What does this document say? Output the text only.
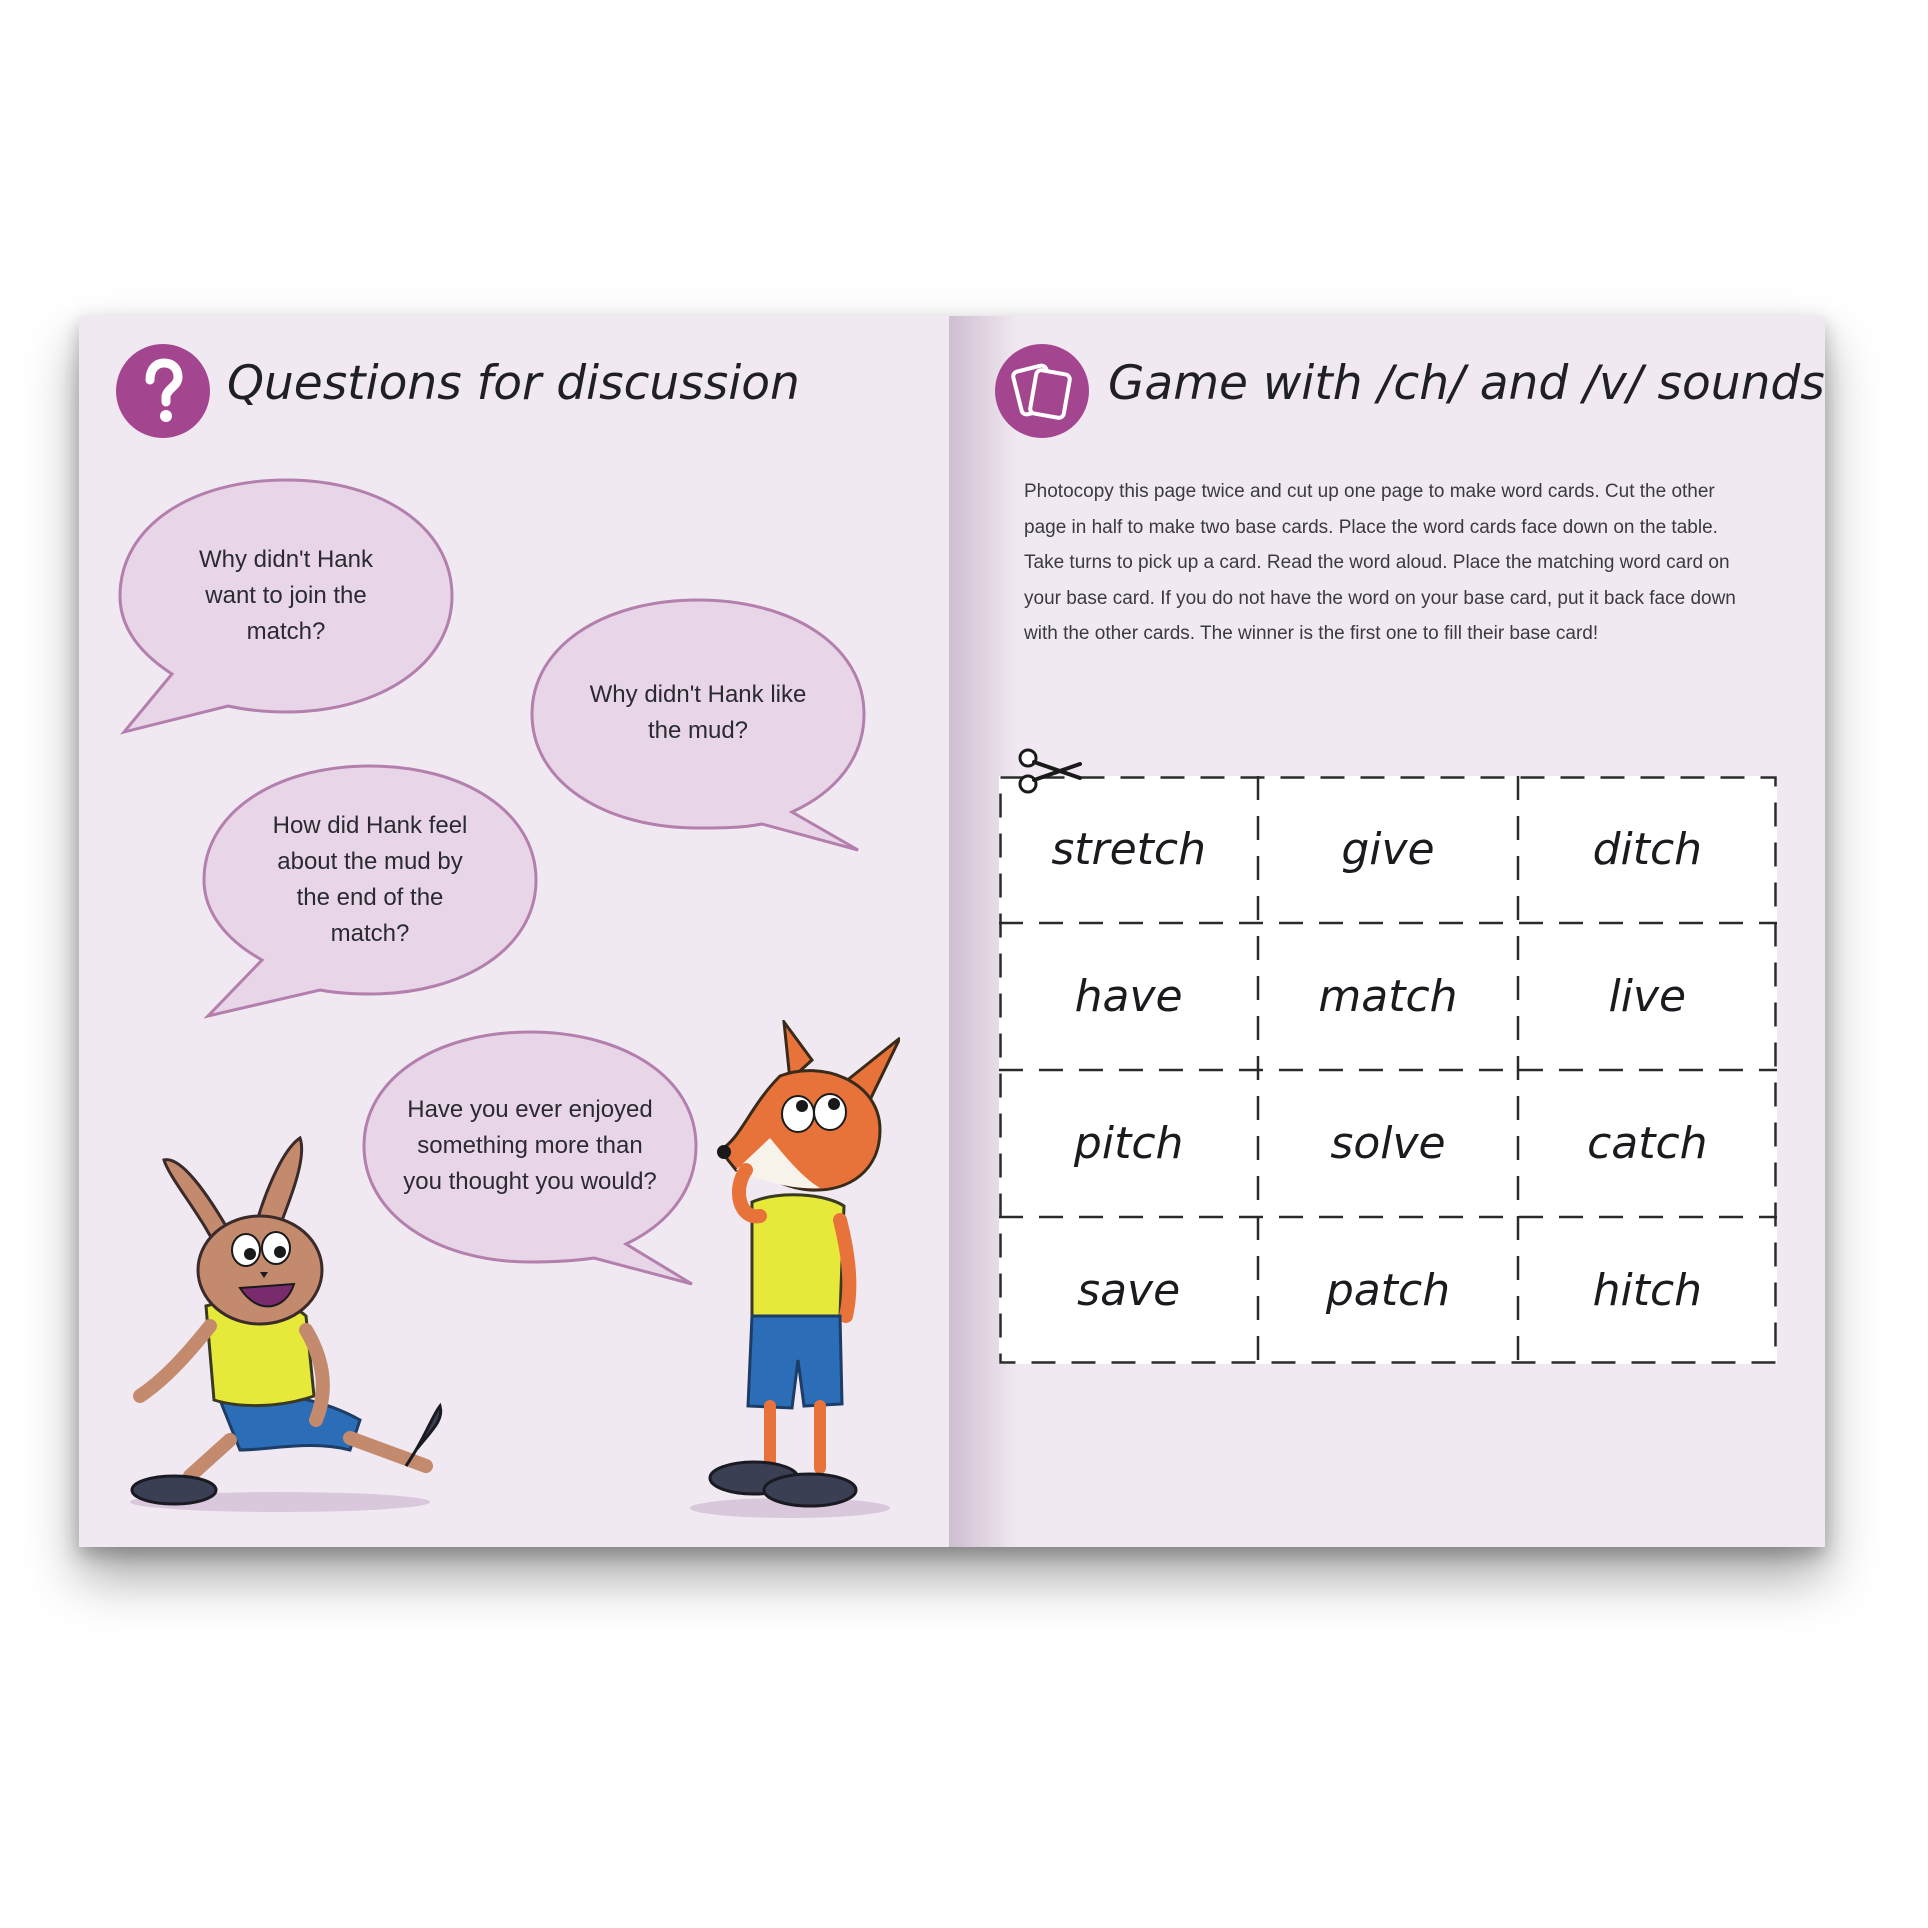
Questions for discussion
Why didn't Hank want to join the match?
Why didn't Hank like the mud?
How did Hank feel about the mud by the end of the match?
Have you ever enjoyed something more than you thought you would?
Game with /ch/ and /v/ sounds

Photocopy this page twice and cut up one page to make word cards. Cut the other page in half to make two base cards. Place the word cards face down on the table. Take turns to pick up a card. Read the word aloud. Place the matching word card on your base card. If you do not have the word on your base card, put it back face down with the other cards. The winner is the first one to fill their base card!

stretch	give	ditch
have	match	live
pitch	solve	catch
save	patch	hitch
